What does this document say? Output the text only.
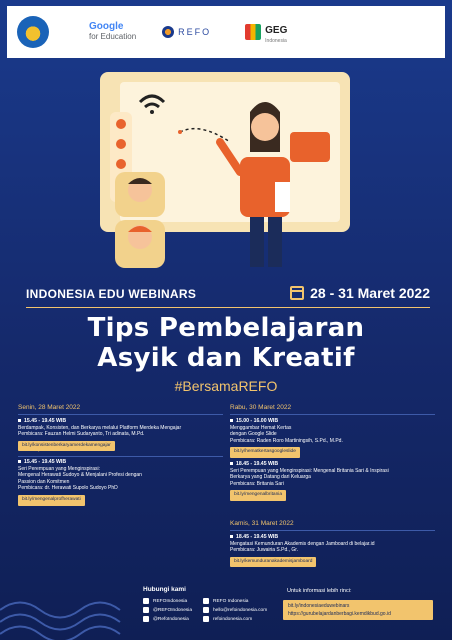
Google
for Education	REFO	GEG
Indonesia
INDONESIA EDU WEBINARS	28 - 31 Maret 2022
Tips Pembelajaran
Asyik dan Kreatif
#BersamaREFO
Senin, 28 Maret 2022
15.45 - 19.45 WIB
Berdampak, Konsisten, dan Berkarya melalui Platform Merdeka Mengajar
Pembicara: Fauzan Helmi Sudaryanto, Tri adinata, M.Pd.
bit.ly/konsistenberkaryamerdekamengajar
Selasa, 29 Maret 2022
15.45 - 19.45 WIB
Seri Perempuan yang Menginspirasi:
Mengenal Herawati Sudoyo & Menjalani Profesi dengan
Passion dan Komitmen
Pembicara: dr. Herawati Supolo Sudoyo PhD
bit.ly/mengenalprofherawati
Rabu, 30 Maret 2022
15.00 - 16.00 WIB
Menggambar Hemat Kertas
dengan Google Slide
Pembicara: Raden Roro Martiningsih, S.Pd., M.Pd.
bit.ly/hematkertasgoogleslide
18.45 - 19.45 WIB
Seri Perempuan yang Menginspirasi: Mengenal Britania Sari & Inspirasi
Berkarya yang Datang dari Keluarga
Pembicara: Britania Sari
bit.ly/mengenalbritania
Kamis, 31 Maret 2022
18.45 - 19.45 WIB
Mengatasi Kemunduran Akademis dengan Jamboard di belajar.id
Pembicara: Juwairia S.Pd., Gr.
bit.ly/kemunduranakademisjamboard
Hubungi kami
REFOIndonesia
@REFOIndonesia
@RefoIndonesia
REFO Indonesia
hello@refoindonesia.com
refoindonesia.com
Untuk informasi lebih rinci:
bit.ly/indonesiaeduwebinars
https://gurubelajardanberbagi.kemdikbud.go.id
